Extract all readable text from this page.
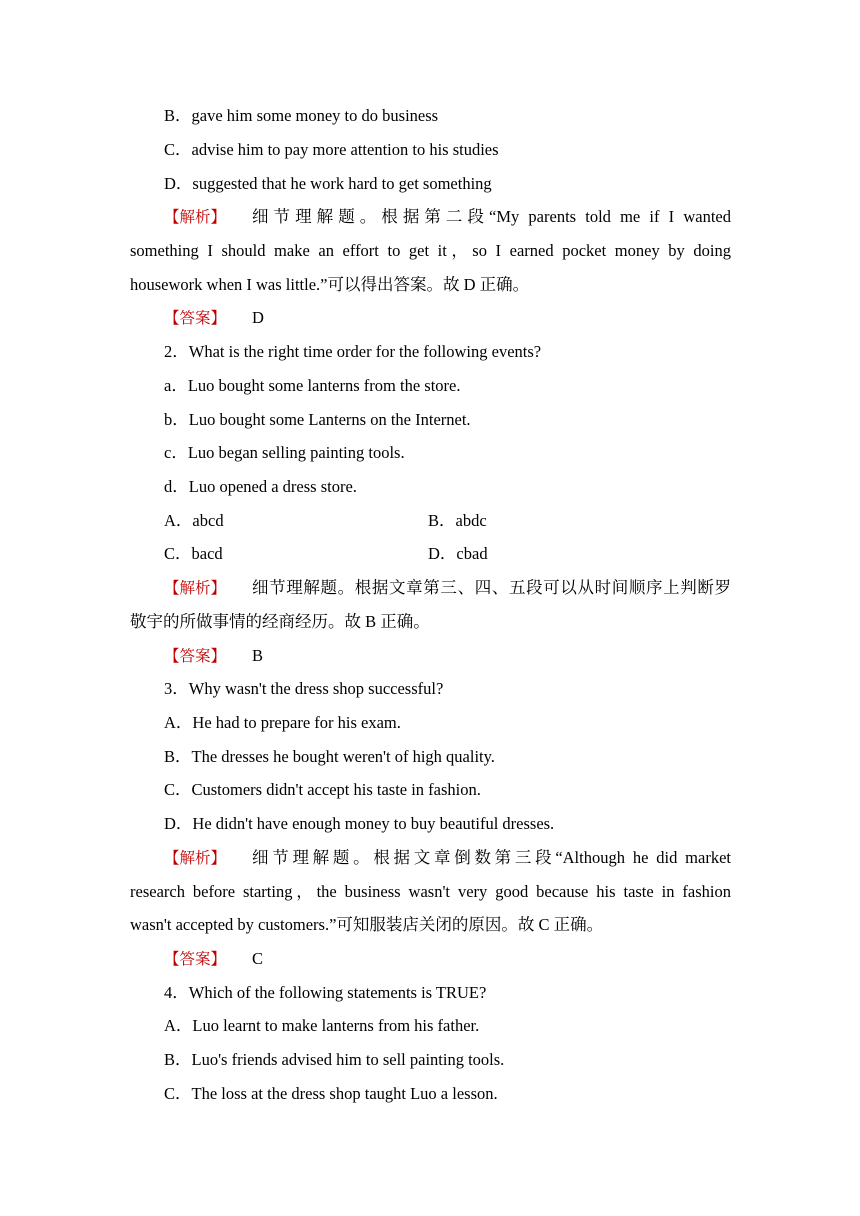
B．gave him some money to do business
C．advise him to pay more attention to his studies
D．suggested that he work hard to get something
【解析】 细节理解题。根据第二段“My parents told me if I wanted
something I should make an effort to get it，so I earned pocket money by doing
housework when I was little.”可以得出答案。故 D 正确。
【答案】 D
2．What is the right time order for the following events?
a．Luo bought some lanterns from the store.
b．Luo bought some Lanterns on the Internet.
c．Luo began selling painting tools.
d．Luo opened a dress store.
A．abcd	B．abdc
C．bacd	D．cbad
【解析】 细节理解题。根据文章第三、四、五段可以从时间顺序上判断罗
敬宇的所做事情的经商经历。故 B 正确。
【答案】 B
3．Why wasn't the dress shop successful?
A．He had to prepare for his exam.
B．The dresses he bought weren't of high quality.
C．Customers didn't accept his taste in fashion.
D．He didn't have enough money to buy beautiful dresses.
【解析】 细节理解题。根据文章倒数第三段“Although he did market
research before starting，the business wasn't very good because his taste in fashion
wasn't accepted by customers.”可知服装店关闭的原因。故 C 正确。
【答案】 C
4．Which of the following statements is TRUE?
A．Luo learnt to make lanterns from his father.
B．Luo's friends advised him to sell painting tools.
C．The loss at the dress shop taught Luo a lesson.
